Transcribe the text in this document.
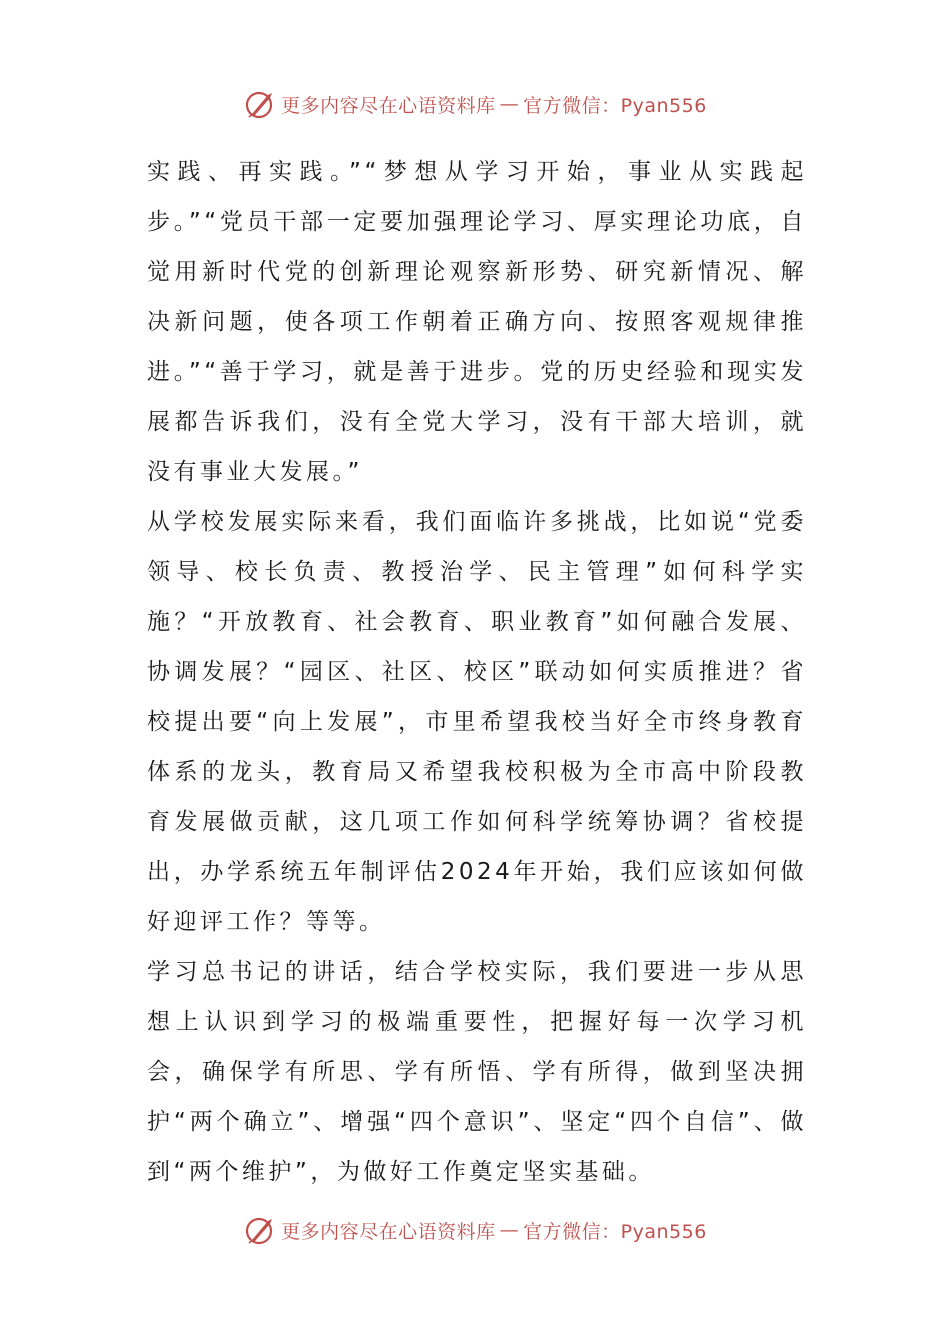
更多内容尽在心语资料库 — 官方微信：Pyan556

实践、再实践。”“梦想从学习开始，事业从实践起步。”“党员干部一定要加强理论学习、厚实理论功底，自觉用新时代党的创新理论观察新形势、研究新情况、解决新问题，使各项工作朝着正确方向、按照客观规律推进。”“善于学习，就是善于进步。党的历史经验和现实发展都告诉我们，没有全党大学习，没有干部大培训，就没有事业大发展。”

从学校发展实际来看，我们面临许多挑战，比如说“党委领导、校长负责、教授治学、民主管理”如何科学实施？“开放教育、社会教育、职业教育”如何融合发展、协调发展？“园区、社区、校区”联动如何实质推进？省校提出要“向上发展”，市里希望我校当好全市终身教育体系的龙头，教育局又希望我校积极为全市高中阶段教育发展做贡献，这几项工作如何科学统筹协调？省校提出，办学系统五年制评估2024年开始，我们应该如何做好迎评工作？等等。

学习总书记的讲话，结合学校实际，我们要进一步从思想上认识到学习的极端重要性，把握好每一次学习机会，确保学有所思、学有所悟、学有所得，做到坚决拥护“两个确立”、增强“四个意识”、坚定“四个自信”、做到“两个维护”，为做好工作奠定坚实基础。

更多内容尽在心语资料库 — 官方微信：Pyan556
